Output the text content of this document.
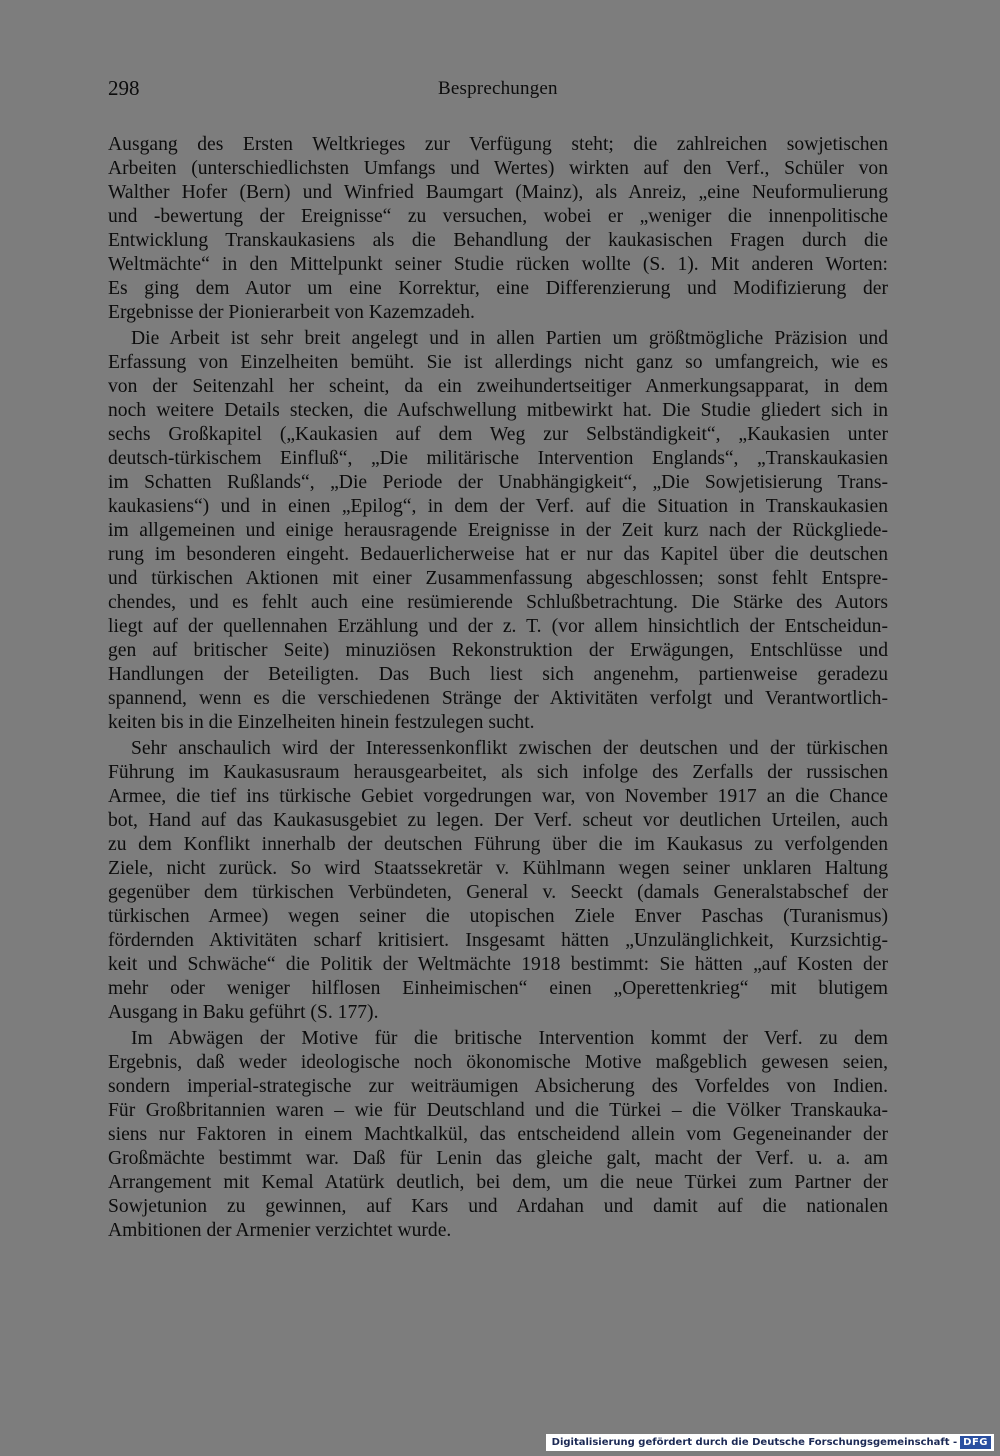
298	Besprechungen
Ausgang des Ersten Weltkrieges zur Verfügung steht; die zahlreichen sowjetischen
Arbeiten (unterschiedlichsten Umfangs und Wertes) wirkten auf den Verf., Schüler von
Walther Hofer (Bern) und Winfried Baumgart (Mainz), als Anreiz, „eine Neuformulierung
und -bewertung der Ereignisse“ zu versuchen, wobei er „weniger die innenpolitische
Entwicklung Transkaukasiens als die Behandlung der kaukasischen Fragen durch die
Weltmächte“ in den Mittelpunkt seiner Studie rücken wollte (S. 1). Mit anderen Worten:
Es ging dem Autor um eine Korrektur, eine Differenzierung und Modifizierung der
Ergebnisse der Pionierarbeit von Kazemzadeh.
Die Arbeit ist sehr breit angelegt und in allen Partien um größtmögliche Präzision und
Erfassung von Einzelheiten bemüht. Sie ist allerdings nicht ganz so umfangreich, wie es
von der Seitenzahl her scheint, da ein zweihundertseitiger Anmerkungsapparat, in dem
noch weitere Details stecken, die Aufschwellung mitbewirkt hat. Die Studie gliedert sich in
sechs Großkapitel („Kaukasien auf dem Weg zur Selbständigkeit“, „Kaukasien unter
deutsch-türkischem Einfluß“, „Die militärische Intervention Englands“, „Transkaukasien
im Schatten Rußlands“, „Die Periode der Unabhängigkeit“, „Die Sowjetisierung Trans-
kaukasiens“) und in einen „Epilog“, in dem der Verf. auf die Situation in Transkaukasien
im allgemeinen und einige herausragende Ereignisse in der Zeit kurz nach der Rückgliede-
rung im besonderen eingeht. Bedauerlicherweise hat er nur das Kapitel über die deutschen
und türkischen Aktionen mit einer Zusammenfassung abgeschlossen; sonst fehlt Entspre-
chendes, und es fehlt auch eine resümierende Schlußbetrachtung. Die Stärke des Autors
liegt auf der quellennahen Erzählung und der z. T. (vor allem hinsichtlich der Entscheidun-
gen auf britischer Seite) minuziösen Rekonstruktion der Erwägungen, Entschlüsse und
Handlungen der Beteiligten. Das Buch liest sich angenehm, partienweise geradezu
spannend, wenn es die verschiedenen Stränge der Aktivitäten verfolgt und Verantwortlich-
keiten bis in die Einzelheiten hinein festzulegen sucht.
Sehr anschaulich wird der Interessenkonflikt zwischen der deutschen und der türkischen
Führung im Kaukasusraum herausgearbeitet, als sich infolge des Zerfalls der russischen
Armee, die tief ins türkische Gebiet vorgedrungen war, von November 1917 an die Chance
bot, Hand auf das Kaukasusgebiet zu legen. Der Verf. scheut vor deutlichen Urteilen, auch
zu dem Konflikt innerhalb der deutschen Führung über die im Kaukasus zu verfolgenden
Ziele, nicht zurück. So wird Staatssekretär v. Kühlmann wegen seiner unklaren Haltung
gegenüber dem türkischen Verbündeten, General v. Seeckt (damals Generalstabschef der
türkischen Armee) wegen seiner die utopischen Ziele Enver Paschas (Turanismus)
fördernden Aktivitäten scharf kritisiert. Insgesamt hätten „Unzulänglichkeit, Kurzsichtig-
keit und Schwäche“ die Politik der Weltmächte 1918 bestimmt: Sie hätten „auf Kosten der
mehr oder weniger hilflosen Einheimischen“ einen „Operettenkrieg“ mit blutigem
Ausgang in Baku geführt (S. 177).
Im Abwägen der Motive für die britische Intervention kommt der Verf. zu dem
Ergebnis, daß weder ideologische noch ökonomische Motive maßgeblich gewesen seien,
sondern imperial-strategische zur weiträumigen Absicherung des Vorfeldes von Indien.
Für Großbritannien waren – wie für Deutschland und die Türkei – die Völker Transkauka-
siens nur Faktoren in einem Machtkalkül, das entscheidend allein vom Gegeneinander der
Großmächte bestimmt war. Daß für Lenin das gleiche galt, macht der Verf. u. a. am
Arrangement mit Kemal Atatürk deutlich, bei dem, um die neue Türkei zum Partner der
Sowjetunion zu gewinnen, auf Kars und Ardahan und damit auf die nationalen
Ambitionen der Armenier verzichtet wurde.
Digitalisierung gefördert durch die Deutsche Forschungsgemeinschaft - DFG
